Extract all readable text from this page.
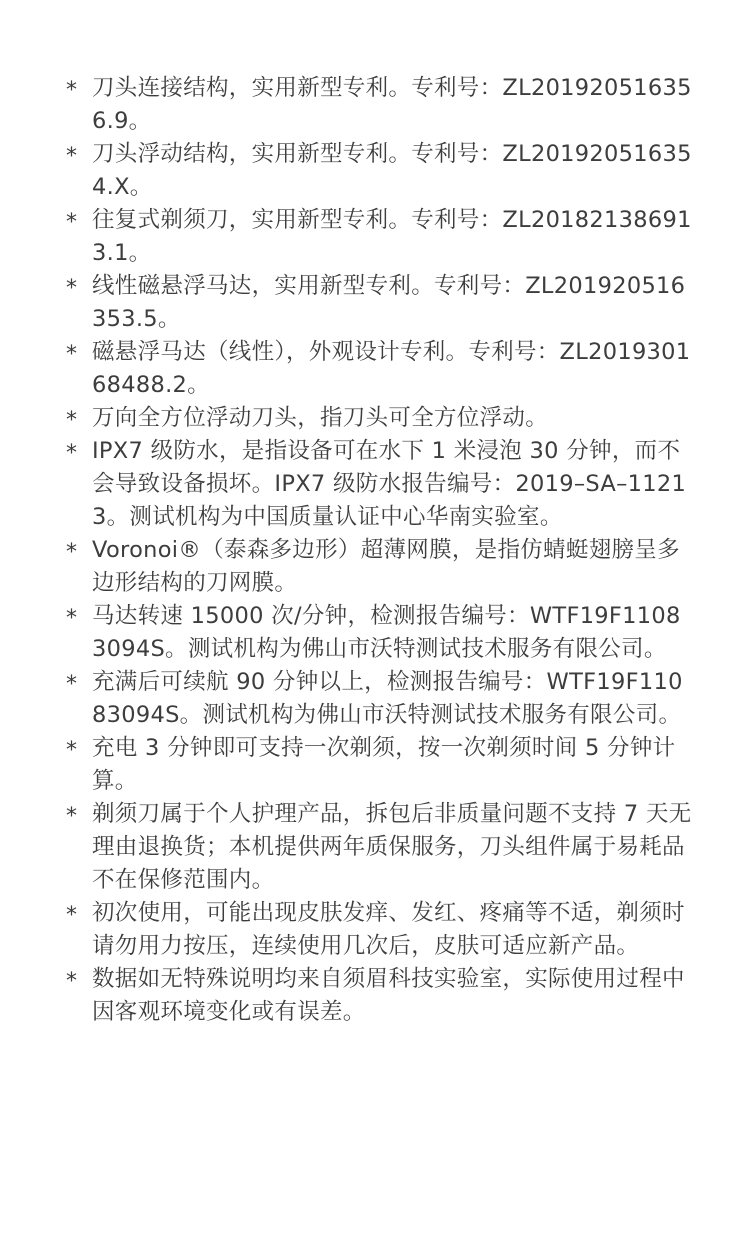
* 刀头连接结构，实用新型专利。专利号：ZL201920516356.9。
* 刀头浮动结构，实用新型专利。专利号：ZL201920516354.X。
* 往复式剃须刀，实用新型专利。专利号：ZL201821386913.1。
* 线性磁悬浮马达，实用新型专利。专利号：ZL201920516353.5。
* 磁悬浮马达（线性），外观设计专利。专利号：ZL201930168488.2。
* 万向全方位浮动刀头，指刀头可全方位浮动。
* IPX7 级防水，是指设备可在水下 1 米浸泡 30 分钟，而不会导致设备损坏。IPX7 级防水报告编号：2019–SA–11213。测试机构为中国质量认证中心华南实验室。
* Voronoi®（泰森多边形）超薄网膜，是指仿蜻蜓翅膀呈多边形结构的刀网膜。
* 马达转速 15000 次/分钟，检测报告编号：WTF19F11083094S。测试机构为佛山市沃特测试技术服务有限公司。
* 充满后可续航 90 分钟以上，检测报告编号：WTF19F11083094S。测试机构为佛山市沃特测试技术服务有限公司。
* 充电 3 分钟即可支持一次剃须，按一次剃须时间 5 分钟计算。
* 剃须刀属于个人护理产品，拆包后非质量问题不支持 7 天无理由退换货；本机提供两年质保服务，刀头组件属于易耗品不在保修范围内。
* 初次使用，可能出现皮肤发痒、发红、疼痛等不适，剃须时请勿用力按压，连续使用几次后，皮肤可适应新产品。
* 数据如无特殊说明均来自须眉科技实验室，实际使用过程中因客观环境变化或有误差。
